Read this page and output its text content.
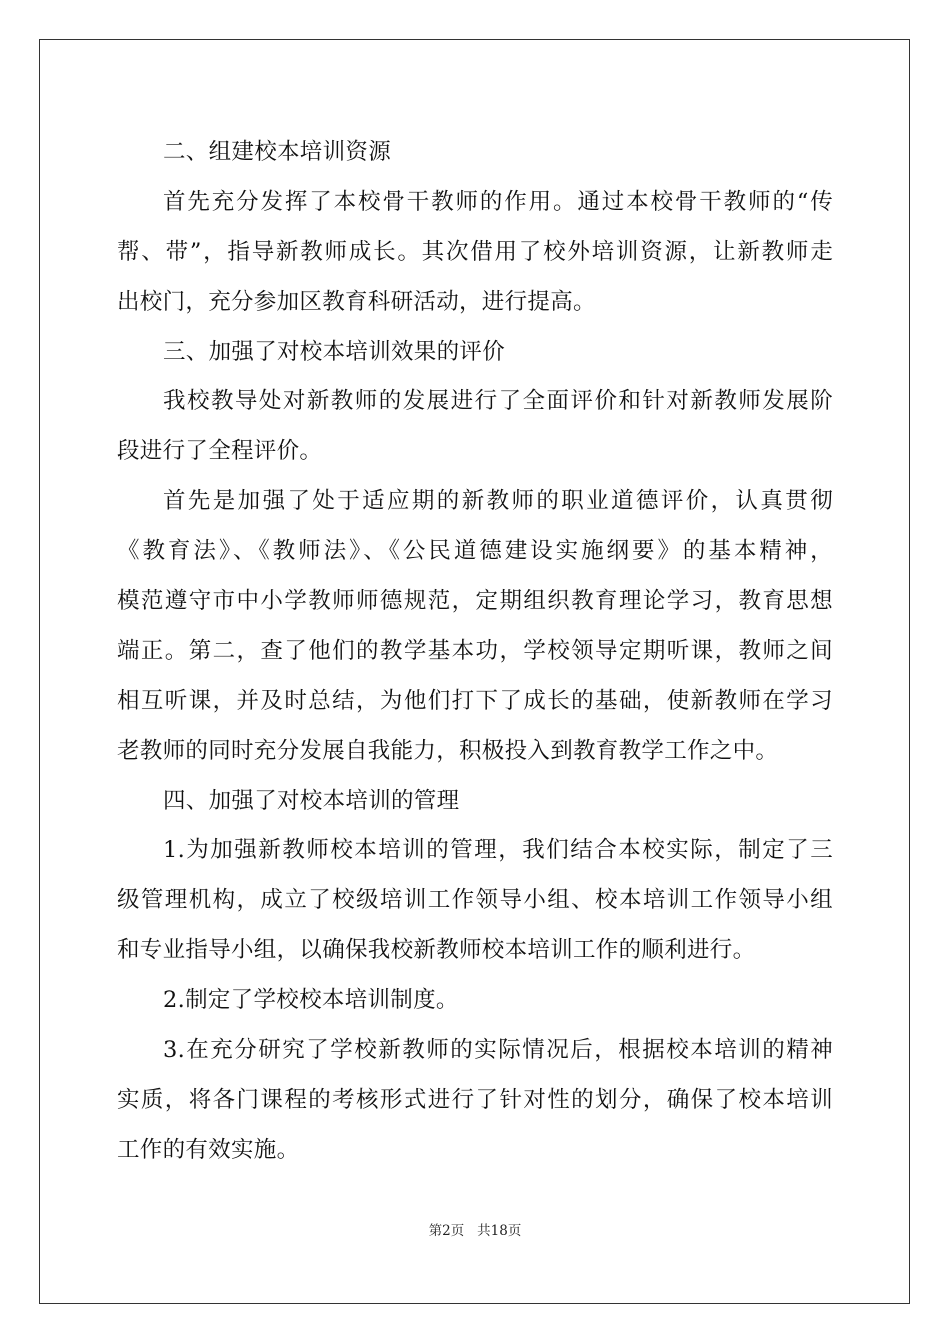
二、组建校本培训资源
首先充分发挥了本校骨干教师的作用。通过本校骨干教师的“传
帮、带”，指导新教师成长。其次借用了校外培训资源，让新教师走
出校门，充分参加区教育科研活动，进行提高。
三、加强了对校本培训效果的评价
我校教导处对新教师的发展进行了全面评价和针对新教师发展阶
段进行了全程评价。
首先是加强了处于适应期的新教师的职业道德评价，认真贯彻
《教育法》、《教师法》、《公民道德建设实施纲要》的基本精神，
模范遵守市中小学教师师德规范，定期组织教育理论学习，教育思想
端正。第二，查了他们的教学基本功，学校领导定期听课，教师之间
相互听课，并及时总结，为他们打下了成长的基础，使新教师在学习
老教师的同时充分发展自我能力，积极投入到教育教学工作之中。
四、加强了对校本培训的管理
1.为加强新教师校本培训的管理，我们结合本校实际，制定了三
级管理机构，成立了校级培训工作领导小组、校本培训工作领导小组
和专业指导小组，以确保我校新教师校本培训工作的顺利进行。
2.制定了学校校本培训制度。
3.在充分研究了学校新教师的实际情况后，根据校本培训的精神
实质，将各门课程的考核形式进行了针对性的划分，确保了校本培训
工作的有效实施。
第2页   共18页
